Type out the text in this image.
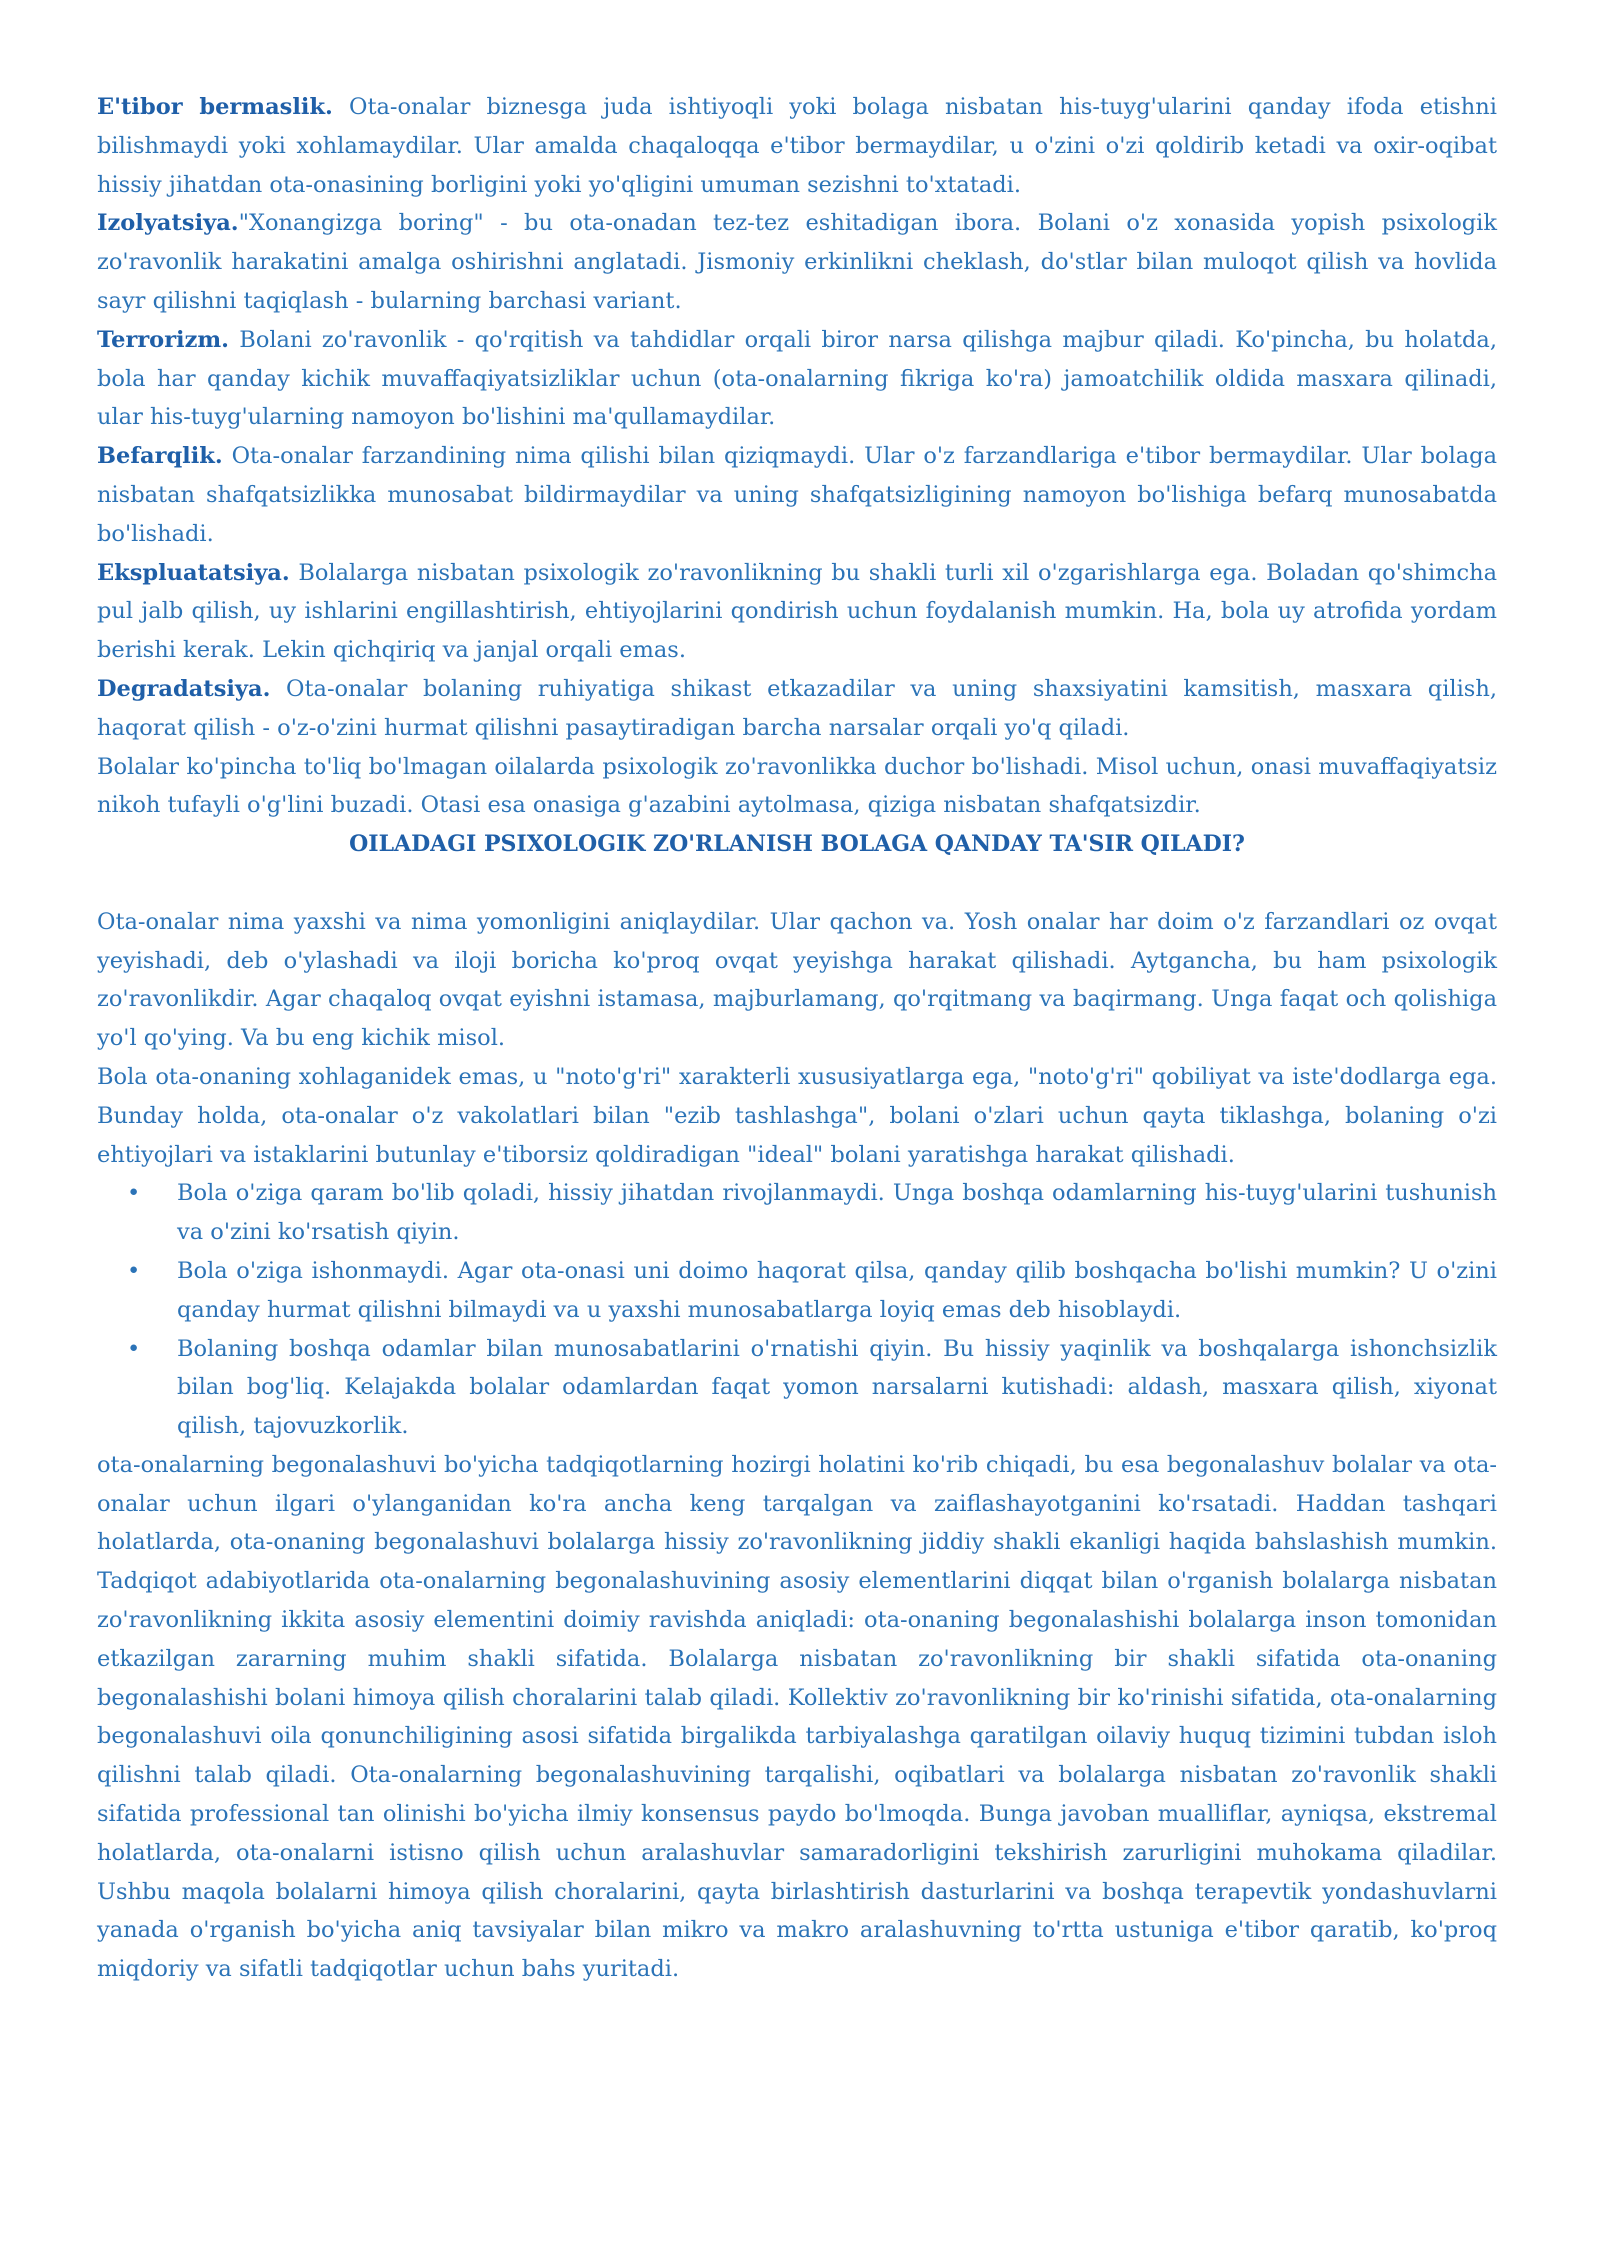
E'tibor bermaslik. Ota-onalar biznesga juda ishtiyoqli yoki bolaga nisbatan his-tuyg'ularini qanday ifoda etishni bilishmaydi yoki xohlamaydilar. Ular amalda chaqaloqqa e'tibor bermaydilar, u o'zini o'zi qoldirib ketadi va oxir-oqibat hissiy jihatdan ota-onasining borligini yoki yo'qligini umuman sezishni to'xtatadi.

Izolyatsiya."Xonangizga boring" - bu ota-onadan tez-tez eshitadigan ibora. Bolani o'z xonasida yopish psixologik zo'ravonlik harakatini amalga oshirishni anglatadi. Jismoniy erkinlikni cheklash, do'stlar bilan muloqot qilish va hovlida sayr qilishni taqiqlash - bularning barchasi variant.

Terrorizm. Bolani zo'ravonlik - qo'rqitish va tahdidlar orqali biror narsa qilishga majbur qiladi. Ko'pincha, bu holatda, bola har qanday kichik muvaffaqiyatsizliklar uchun (ota-onalarning fikriga ko'ra) jamoatchilik oldida masxara qilinadi, ular his-tuyg'ularning namoyon bo'lishini ma'qullamaydilar.

Befarqlik. Ota-onalar farzandining nima qilishi bilan qiziqmaydi. Ular o'z farzandlariga e'tibor bermaydilar. Ular bolaga nisbatan shafqatsizlikka munosabat bildirmaydilar va uning shafqatsizligining namoyon bo'lishiga befarq munosabatda bo'lishadi.

Ekspluatatsiya. Bolalarga nisbatan psixologik zo'ravonlikning bu shakli turli xil o'zgarishlarga ega. Boladan qo'shimcha pul jalb qilish, uy ishlarini engillashtirish, ehtiyojlarini qondirish uchun foydalanish mumkin. Ha, bola uy atrofida yordam berishi kerak. Lekin qichqiriq va janjal orqali emas.

Degradatsiya. Ota-onalar bolaning ruhiyatiga shikast etkazadilar va uning shaxsiyatini kamsitish, masxara qilish, haqorat qilish - o'z-o'zini hurmat qilishni pasaytiradigan barcha narsalar orqali yo'q qiladi.

Bolalar ko'pincha to'liq bo'lmagan oilalarda psixologik zo'ravonlikka duchor bo'lishadi. Misol uchun, onasi muvaffaqiyatsiz nikoh tufayli o'g'lini buzadi. Otasi esa onasiga g'azabini aytolmasa, qiziga nisbatan shafqatsizdir.

OILADAGI PSIXOLOGIK ZO'RLANISH BOLAGA QANDAY TA'SIR QILADI?

Ota-onalar nima yaxshi va nima yomonligini aniqlaydilar. Ular qachon va. Yosh onalar har doim o'z farzandlari oz ovqat yeyishadi, deb o'ylashadi va iloji boricha ko'proq ovqat yeyishga harakat qilishadi. Aytgancha, bu ham psixologik zo'ravonlikdir. Agar chaqaloq ovqat eyishni istamasa, majburlamang, qo'rqitmang va baqirmang. Unga faqat och qolishiga yo'l qo'ying. Va bu eng kichik misol.

Bola ota-onaning xohlaganidek emas, u "noto'g'ri" xarakterli xususiyatlarga ega, "noto'g'ri" qobiliyat va iste'dodlarga ega. Bunday holda, ota-onalar o'z vakolatlari bilan "ezib tashlashga", bolani o'zlari uchun qayta tiklashga, bolaning o'zi ehtiyojlari va istaklarini butunlay e'tiborsiz qoldiradigan "ideal" bolani yaratishga harakat qilishadi.

• Bola o'ziga qaram bo'lib qoladi, hissiy jihatdan rivojlanmaydi. Unga boshqa odamlarning his-tuyg'ularini tushunish va o'zini ko'rsatish qiyin.
• Bola o'ziga ishonmaydi. Agar ota-onasi uni doimo haqorat qilsa, qanday qilib boshqacha bo'lishi mumkin? U o'zini qanday hurmat qilishni bilmaydi va u yaxshi munosabatlarga loyiq emas deb hisoblaydi.
• Bolaning boshqa odamlar bilan munosabatlarini o'rnatishi qiyin. Bu hissiy yaqinlik va boshqalarga ishonchsizlik bilan bog'liq. Kelajakda bolalar odamlardan faqat yomon narsalarni kutishadi: aldash, masxara qilish, xiyonat qilish, tajovuzkorlik.

ota-onalarning begonalashuvi bo'yicha tadqiqotlarning hozirgi holatini ko'rib chiqadi, bu esa begonalashuv bolalar va ota-onalar uchun ilgari o'ylanganidan ko'ra ancha keng tarqalgan va zaiflashayotganini ko'rsatadi. Haddan tashqari holatlarda, ota-onaning begonalashuvi bolalarga hissiy zo'ravonlikning jiddiy shakli ekanligi haqida bahslashish mumkin. Tadqiqot adabiyotlarida ota-onalarning begonalashuvining asosiy elementlarini diqqat bilan o'rganish bolalarga nisbatan zo'ravonlikning ikkita asosiy elementini doimiy ravishda aniqladi: ota-onaning begonalashishi bolalarga inson tomonidan etkazilgan zararning muhim shakli sifatida. Bolalarga nisbatan zo'ravonlikning bir shakli sifatida ota-onaning begonalashishi bolani himoya qilish choralarini talab qiladi. Kollektiv zo'ravonlikning bir ko'rinishi sifatida, ota-onalarning begonalashuvi oila qonunchiligining asosi sifatida birgalikda tarbiyalashga qaratilgan oilaviy huquq tizimini tubdan isloh qilishni talab qiladi. Ota-onalarning begonalashuvining tarqalishi, oqibatlari va bolalarga nisbatan zo'ravonlik shakli sifatida professional tan olinishi bo'yicha ilmiy konsensus paydo bo'lmoqda. Bunga javoban mualliflar, ayniqsa, ekstremal holatlarda, ota-onalarni istisno qilish uchun aralashuvlar samaradorligini tekshirish zarurligini muhokama qiladilar. Ushbu maqola bolalarni himoya qilish choralarini, qayta birlashtirish dasturlarini va boshqa terapevtik yondashuvlarni yanada o'rganish bo'yicha aniq tavsiyalar bilan mikro va makro aralashuvning to'rtta ustuniga e'tibor qaratib, ko'proq miqdoriy va sifatli tadqiqotlar uchun bahs yuritadi.
